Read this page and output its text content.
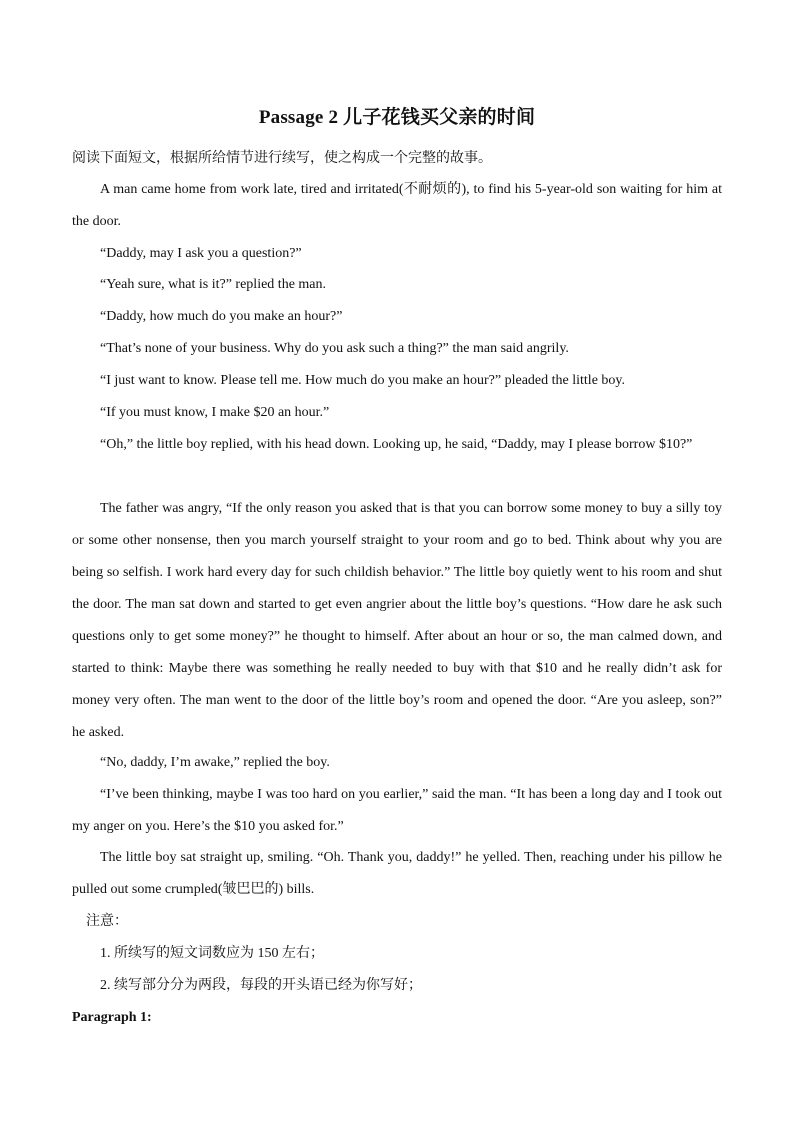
Passage 2 儿子花钱买父亲的时间

阅读下面短文，根据所给情节进行续写，使之构成一个完整的故事。

A man came home from work late, tired and irritated(不耐烦的), to find his 5-year-old son waiting for him at the door.

“Daddy, may I ask you a question?”

“Yeah sure, what is it?” replied the man.

“Daddy, how much do you make an hour?”

“That’s none of your business. Why do you ask such a thing?” the man said angrily.

“I just want to know. Please tell me. How much do you make an hour?” pleaded the little boy.

“If you must know, I make $20 an hour.”

“Oh,” the little boy replied, with his head down. Looking up, he said, “Daddy, may I please borrow $10?”

The father was angry, “If the only reason you asked that is that you can borrow some money to buy a silly toy or some other nonsense, then you march yourself straight to your room and go to bed. Think about why you are being so selfish. I work hard every day for such childish behavior.” The little boy quietly went to his room and shut the door. The man sat down and started to get even angrier about the little boy’s questions. “How dare he ask such questions only to get some money?” he thought to himself. After about an hour or so, the man calmed down, and started to think: Maybe there was something he really needed to buy with that $10 and he really didn’t ask for money very often. The man went to the door of the little boy’s room and opened the door. “Are you asleep, son?” he asked.

“No, daddy, I’m awake,” replied the boy.

“I’ve been thinking, maybe I was too hard on you earlier,” said the man. “It has been a long day and I took out my anger on you. Here’s the $10 you asked for.”

The little boy sat straight up, smiling. “Oh. Thank you, daddy!” he yelled. Then, reaching under his pillow he pulled out some crumpled(皱巴巴的) bills.

注意：
1. 所续写的短文词数应为 150 左右；
2. 续写部分分为两段，每段的开头语已经为你写好；
Paragraph 1:
